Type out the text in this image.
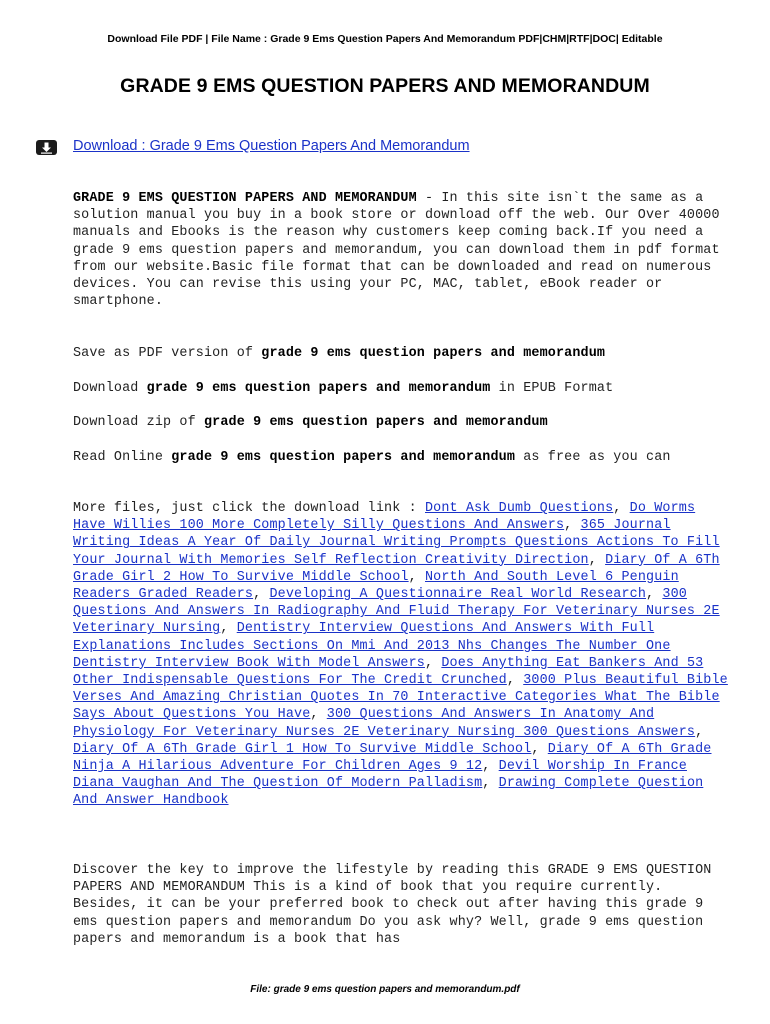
Download File PDF | File Name : Grade 9 Ems Question Papers And Memorandum PDF|CHM|RTF|DOC| Editable
GRADE 9 EMS QUESTION PAPERS AND MEMORANDUM
Download : Grade 9 Ems Question Papers And Memorandum
GRADE 9 EMS QUESTION PAPERS AND MEMORANDUM - In this site isn`t the same as a solution manual you buy in a book store or download off the web. Our Over 40000 manuals and Ebooks is the reason why customers keep coming back.If you need a grade 9 ems question papers and memorandum, you can download them in pdf format from our website.Basic file format that can be downloaded and read on numerous devices. You can revise this using your PC, MAC, tablet, eBook reader or smartphone.
Save as PDF version of grade 9 ems question papers and memorandum
Download grade 9 ems question papers and memorandum in EPUB Format
Download zip of grade 9 ems question papers and memorandum
Read Online grade 9 ems question papers and memorandum as free as you can
More files, just click the download link : Dont Ask Dumb Questions, Do Worms Have Willies 100 More Completely Silly Questions And Answers, 365 Journal Writing Ideas A Year Of Daily Journal Writing Prompts Questions Actions To Fill Your Journal With Memories Self Reflection Creativity Direction, Diary Of A 6Th Grade Girl 2 How To Survive Middle School, North And South Level 6 Penguin Readers Graded Readers, Developing A Questionnaire Real World Research, 300 Questions And Answers In Radiography And Fluid Therapy For Veterinary Nurses 2E Veterinary Nursing, Dentistry Interview Questions And Answers With Full Explanations Includes Sections On Mmi And 2013 Nhs Changes The Number One Dentistry Interview Book With Model Answers, Does Anything Eat Bankers And 53 Other Indispensable Questions For The Credit Crunched, 3000 Plus Beautiful Bible Verses And Amazing Christian Quotes In 70 Interactive Categories What The Bible Says About Questions You Have, 300 Questions And Answers In Anatomy And Physiology For Veterinary Nurses 2E Veterinary Nursing 300 Questions Answers, Diary Of A 6Th Grade Girl 1 How To Survive Middle School, Diary Of A 6Th Grade Ninja A Hilarious Adventure For Children Ages 9 12, Devil Worship In France Diana Vaughan And The Question Of Modern Palladism, Drawing Complete Question And Answer Handbook
Discover the key to improve the lifestyle by reading this GRADE 9 EMS QUESTION PAPERS AND MEMORANDUM This is a kind of book that you require currently. Besides, it can be your preferred book to check out after having this grade 9 ems question papers and memorandum Do you ask why? Well, grade 9 ems question papers and memorandum is a book that has
File: grade 9 ems question papers and memorandum.pdf
